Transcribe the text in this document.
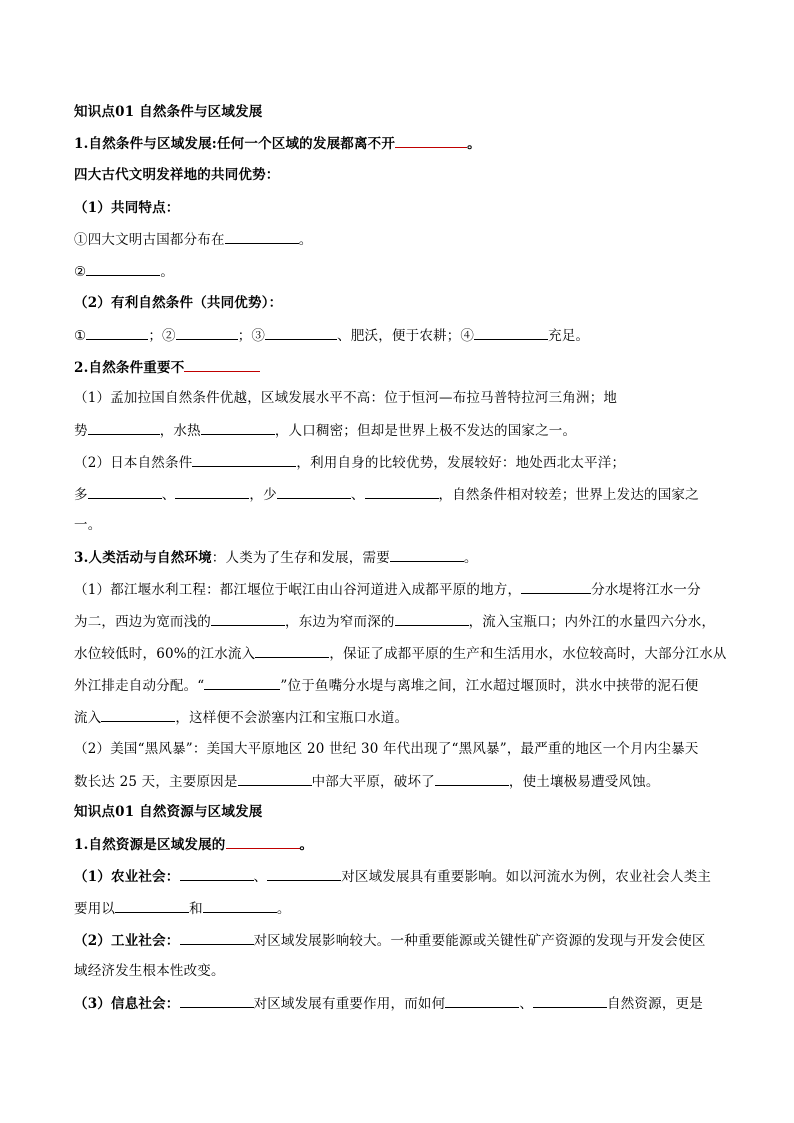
知识点01 自然条件与区域发展

1.自然条件与区域发展:任何一个区域的发展都离不开	。

四大古代文明发祥地的共同优势：

（1）共同特点：

①四大文明古国都分布在	。

②	。

（2）有利自然条件（共同优势）：

①	；②	；③	、肥沃，便于农耕；④	充足。

2.自然条件重要不

（1）孟加拉国自然条件优越，区域发展水平不高：位于恒河—布拉马普特拉河三角洲；地

势	，水热	，人口稠密；但却是世界上极不发达的国家之一。

（2）日本自然条件	，利用自身的比较优势，发展较好：地处西北太平洋；

多	、	，少	、	，自然条件相对较差；世界上发达的国家之

一。

3.人类活动与自然环境：人类为了生存和发展，需要	。

（1）都江堰水利工程：都江堰位于岷江由山谷河道进入成都平原的地方，	分水堤将江水一分

为二，西边为宽而浅的	，东边为窄而深的	，流入宝瓶口；内外江的水量四六分水，

水位较低时，60%的江水流入	，保证了成都平原的生产和生活用水，水位较高时，大部分江水从

外江排走自动分配。“	”位于鱼嘴分水堤与离堆之间，江水超过堰顶时，洪水中挟带的泥石便

流入	，这样便不会淤塞内江和宝瓶口水道。

（2）美国“黑风暴”：美国大平原地区 20 世纪 30 年代出现了“黑风暴”，最严重的地区一个月内尘暴天

数长达 25 天，主要原因是	中部大平原，破坏了	，使土壤极易遭受风蚀。

知识点01 自然资源与区域发展

1.自然资源是区域发展的	。

（1）农业社会：	、	对区域发展具有重要影响。如以河流水为例，农业社会人类主

要用以	和	。

（2）工业社会：	对区域发展影响较大。一种重要能源或关键性矿产资源的发现与开发会使区

域经济发生根本性改变。

（3）信息社会：	对区域发展有重要作用，而如何	、	自然资源，更是
